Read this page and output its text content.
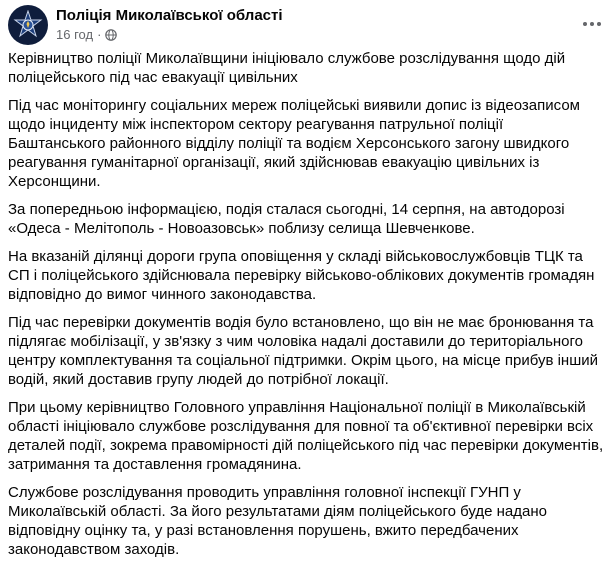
Поліція Миколаївської області
16 год ·

Керівництво поліції Миколаївщини ініціювало службове розслідування щодо дій поліцейського під час евакуації цивільних

Під час моніторингу соціальних мереж поліцейські виявили допис із відеозаписом щодо інциденту між інспектором сектору реагування патрульної поліції Баштанського районного відділу поліції та водієм Херсонського загону швидкого реагування гуманітарної організації, який здійснював евакуацію цивільних із Херсонщини.

За попередньою інформацією, подія сталася сьогодні, 14 серпня, на автодорозі «Одеса - Мелітополь - Новоазовськ» поблизу селища Шевченкове.

На вказаній ділянці дороги група оповіщення у складі військовослужбовців ТЦК та СП і поліцейського здійснювала перевірку військово-облікових документів громадян відповідно до вимог чинного законодавства.

Під час перевірки документів водія було встановлено, що він не має бронювання та підлягає мобілізації, у зв'язку з чим чоловіка надалі доставили до територіального центру комплектування та соціальної підтримки. Окрім цього, на місце прибув інший водій, який доставив групу людей до потрібної локації.

При цьому керівництво Головного управління Національної поліції в Миколаївській області ініціювало службове розслідування для повної та об'єктивної перевірки всіх деталей події, зокрема правомірності дій поліцейського під час перевірки документів, затримання та доставлення громадянина.

Службове розслідування проводить управління головної інспекції ГУНП у Миколаївській області. За його результатами діям поліцейського буде надано відповідну оцінку та, у разі встановлення порушень, вжито передбачених законодавством заходів.
